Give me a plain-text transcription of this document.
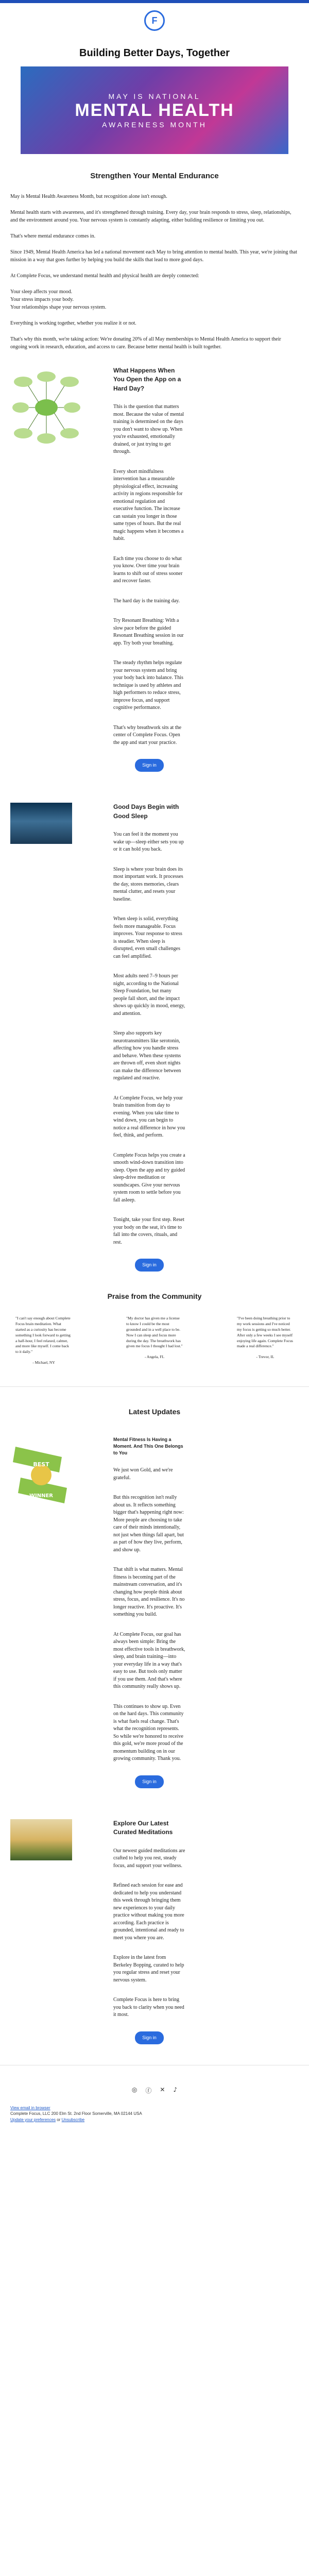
F
Building Better Days, Together
MAY IS NATIONAL
MENTAL HEALTH
AWARENESS MONTH
Strengthen Your Mental Endurance

May is Mental Health Awareness Month, but recognition alone isn't enough.

Mental health starts with awareness, and it's strengthened through training. Every day, your brain responds to stress, sleep, relationships, and the environment around you. Your nervous system is constantly adapting, either building resilience or limiting you out.

That's where mental endurance comes in.

Since 1949, Mental Health America has led a national movement each May to bring attention to mental health. This year, we're joining that mission in a way that goes further by helping you build the skills that lead to more good days.

At Complete Focus, we understand mental health and physical health are deeply connected:

Your sleep affects your mood.
Your stress impacts your body.
Your relationships shape your nervous system.

Everything is working together, whether you realize it or not.

That's why this month, we're taking action: We're donating 20% of all May memberships to Mental Health America to support their ongoing work in research, education, and access to care. Because better mental health is built together.

What Happens When You Open the App on a Hard Day?

This is the question that matters most. Because the value of mental training is determined on the days you don't want to show up. When you're exhausted, emotionally drained, or just trying to get through.

Every short mindfulness intervention has a measurable physiological effect, increasing activity in regions responsible for emotional regulation and executive function. The increase can sustain you longer in those same types of hours. But the real magic happens when it becomes a habit.

Each time you choose to do what you know. Over time your brain learns to shift out of stress sooner and recover faster.

The hard day is the training day.

Try Resonant Breathing: With a slow pace before the guided Resonant Breathing session in our app. Try both your breathing.

The steady rhythm helps regulate your nervous system and bring your body back into balance. This technique is used by athletes and high performers to reduce stress, improve focus, and support cognitive performance.

That's why breathwork sits at the center of Complete Focus. Open the app and start your practice.

Sign in
Good Days Begin with Good Sleep

You can feel it the moment you wake up—sleep either sets you up or it can hold you back.

Sleep is where your brain does its most important work. It processes the day, stores memories, clears mental clutter, and resets your baseline.

When sleep is solid, everything feels more manageable. Focus improves. Your response to stress is steadier. When sleep is disrupted, even small challenges can feel amplified.

Most adults need 7–9 hours per night, according to the National Sleep Foundation, but many people fall short, and the impact shows up quickly in mood, energy, and attention.

Sleep also supports key neurotransmitters like serotonin, affecting how you handle stress and behave. When these systems are thrown off, even short nights can make the difference between regulated and reactive.

At Complete Focus, we help your brain transition from day to evening. When you take time to wind down, you can begin to notice a real difference in how you feel, think, and perform.

Complete Focus helps you create a smooth wind-down transition into sleep. Open the app and try guided sleep-drive meditation or soundscapes. Give your nervous system room to settle before you fall asleep.

Tonight, take your first step. Reset your body on the seat, it's time to fall into the covers, rituals, and rest.

Sign in
Praise from the Community
"I can't say enough about Complete Focus brain meditation. What started as a curiosity has become something I look forward to getting a half-hour, I feel relaxed, calmer, and more like myself. I come back to it daily."
- Michael, NY
"My doctor has given me a license to know I could be the most grounded and in a well place to be. Now I can sleep and focus more during the day. The breathwork has given me focus I thought I had lost."
- Angela, FL
"I've been doing breathing prior to my work sessions and I've noticed my focus is getting so much better. After only a few weeks I see myself enjoying life again. Complete Focus made a real difference."
- Trevor, IL
Latest Updates
BEST
WINNER
Mental Fitness Is Having a Moment. And This One Belongs to You

We just won Gold, and we're grateful.

But this recognition isn't really about us. It reflects something bigger that's happening right now: More people are choosing to take care of their minds intentionally, not just when things fall apart, but as part of how they live, perform, and show up.

That shift is what matters. Mental fitness is becoming part of the mainstream conversation, and it's changing how people think about stress, focus, and resilience. It's no longer reactive. It's proactive. It's something you build.

At Complete Focus, our goal has always been simple: Bring the most effective tools in breathwork, sleep, and brain training—into your everyday life in a way that's easy to use. But tools only matter if you use them. And that's where this community really shows up.

This continues to show up. Even on the hard days. This community is what fuels real change. That's what the recognition represents. So while we're honored to receive this gold, we're more proud of the momentum building on in our growing community. Thank you.

Sign in
Explore Our Latest Curated Meditations

Our newest guided meditations are crafted to help you rest, steady focus, and support your wellness.

Refined each session for ease and dedicated to help you understand this week through bringing them new experiences to your daily practice without making you more according. Each practice is grounded, intentional and ready to meet you where you are.

Explore in the latest from Berkeley Bopping, curated to help you regular stress and reset your nervous system.

Complete Focus is here to bring you back to clarity when you need it most.

Sign in
◎ ⓕ ✕ ♪
View email in browser
Complete Focus, LLC 200 Elm St. 2nd Floor Somerville, MA 02144 USA
Update your preferences or Unsubscribe
